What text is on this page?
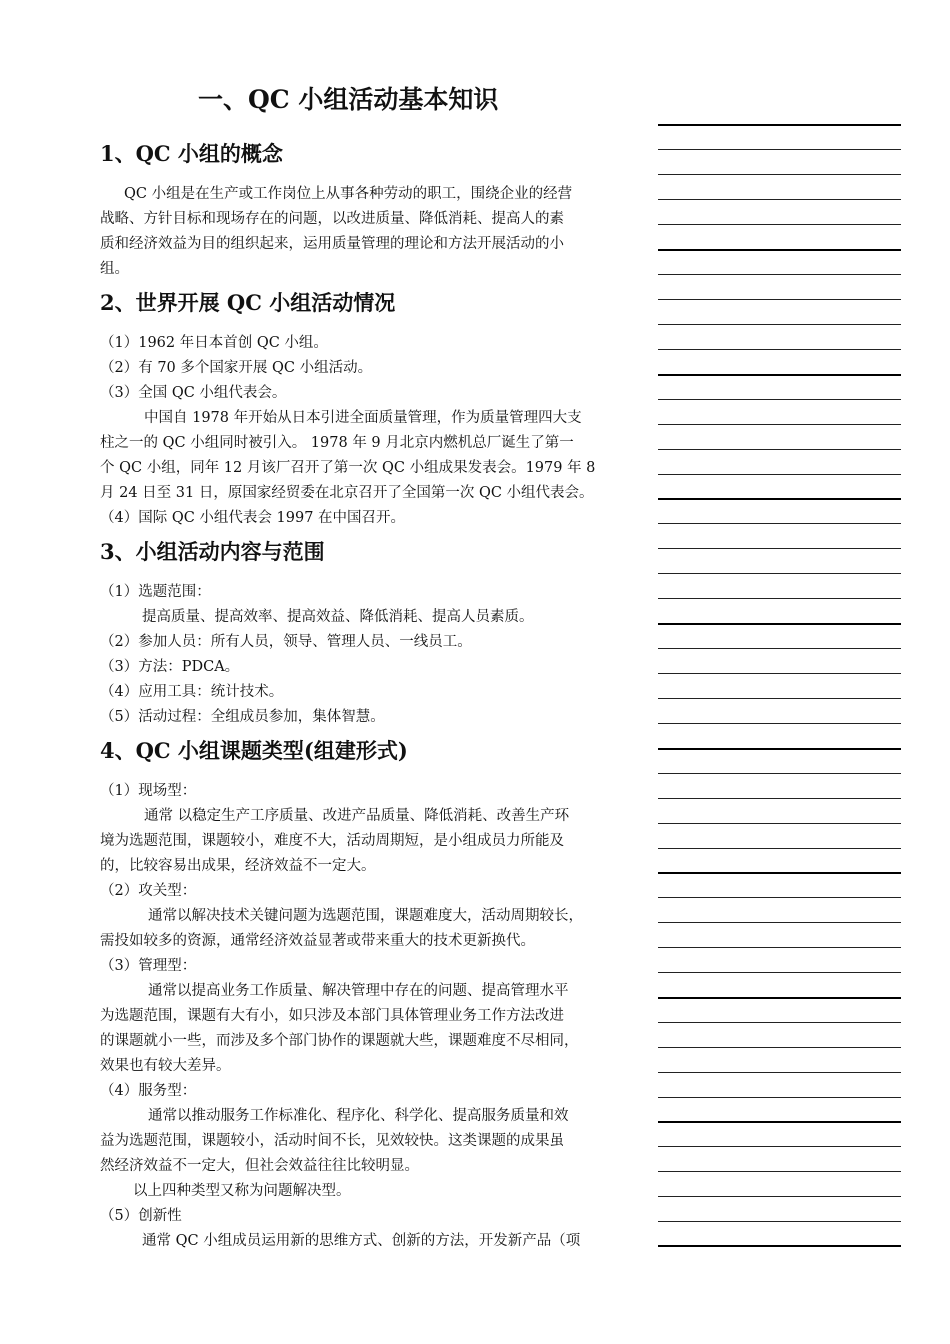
一、QC 小组活动基本知识
1、QC 小组的概念

QC 小组是在生产或工作岗位上从事各种劳动的职工，围绕企业的经营

战略、方针目标和现场存在的问题，以改进质量、降低消耗、提高人的素

质和经济效益为目的组织起来，运用质量管理的理论和方法开展活动的小

组。

2、世界开展 QC 小组活动情况

（1）1962 年日本首创 QC 小组。

（2）有 70 多个国家开展 QC 小组活动。

（3）全国 QC 小组代表会。

中国自 1978 年开始从日本引进全面质量管理，作为质量管理四大支

柱之一的 QC 小组同时被引入。 1978 年 9 月北京内燃机总厂诞生了第一

个 QC 小组，同年 12 月该厂召开了第一次 QC 小组成果发表会。1979 年 8

月 24 日至 31 日，原国家经贸委在北京召开了全国第一次 QC 小组代表会。

（4）国际 QC 小组代表会 1997 在中国召开。

3、小组活动内容与范围

（1）选题范围：

提高质量、提高效率、提高效益、降低消耗、提高人员素质。

（2）参加人员：所有人员，领导、管理人员、一线员工。

（3）方法：PDCA。

（4）应用工具：统计技术。

（5）活动过程：全组成员参加，集体智慧。

4、QC 小组课题类型(组建形式)

（1）现场型：

通常 以稳定生产工序质量、改进产品质量、降低消耗、改善生产环

境为选题范围，课题较小，难度不大，活动周期短，是小组成员力所能及

的，比较容易出成果，经济效益不一定大。

（2）攻关型：

通常以解决技术关键问题为选题范围，课题难度大，活动周期较长，

需投如较多的资源，通常经济效益显著或带来重大的技术更新换代。

（3）管理型：

通常以提高业务工作质量、解决管理中存在的问题、提高管理水平

为选题范围，课题有大有小，如只涉及本部门具体管理业务工作方法改进

的课题就小一些，而涉及多个部门协作的课题就大些，课题难度不尽相同，

效果也有较大差异。

（4）服务型：

通常以推动服务工作标准化、程序化、科学化、提高服务质量和效

益为选题范围，课题较小，活动时间不长，见效较快。这类课题的成果虽

然经济效益不一定大，但社会效益往往比较明显。

以上四种类型又称为问题解决型。

（5）创新性

通常 QC 小组成员运用新的思维方式、创新的方法，开发新产品（项
